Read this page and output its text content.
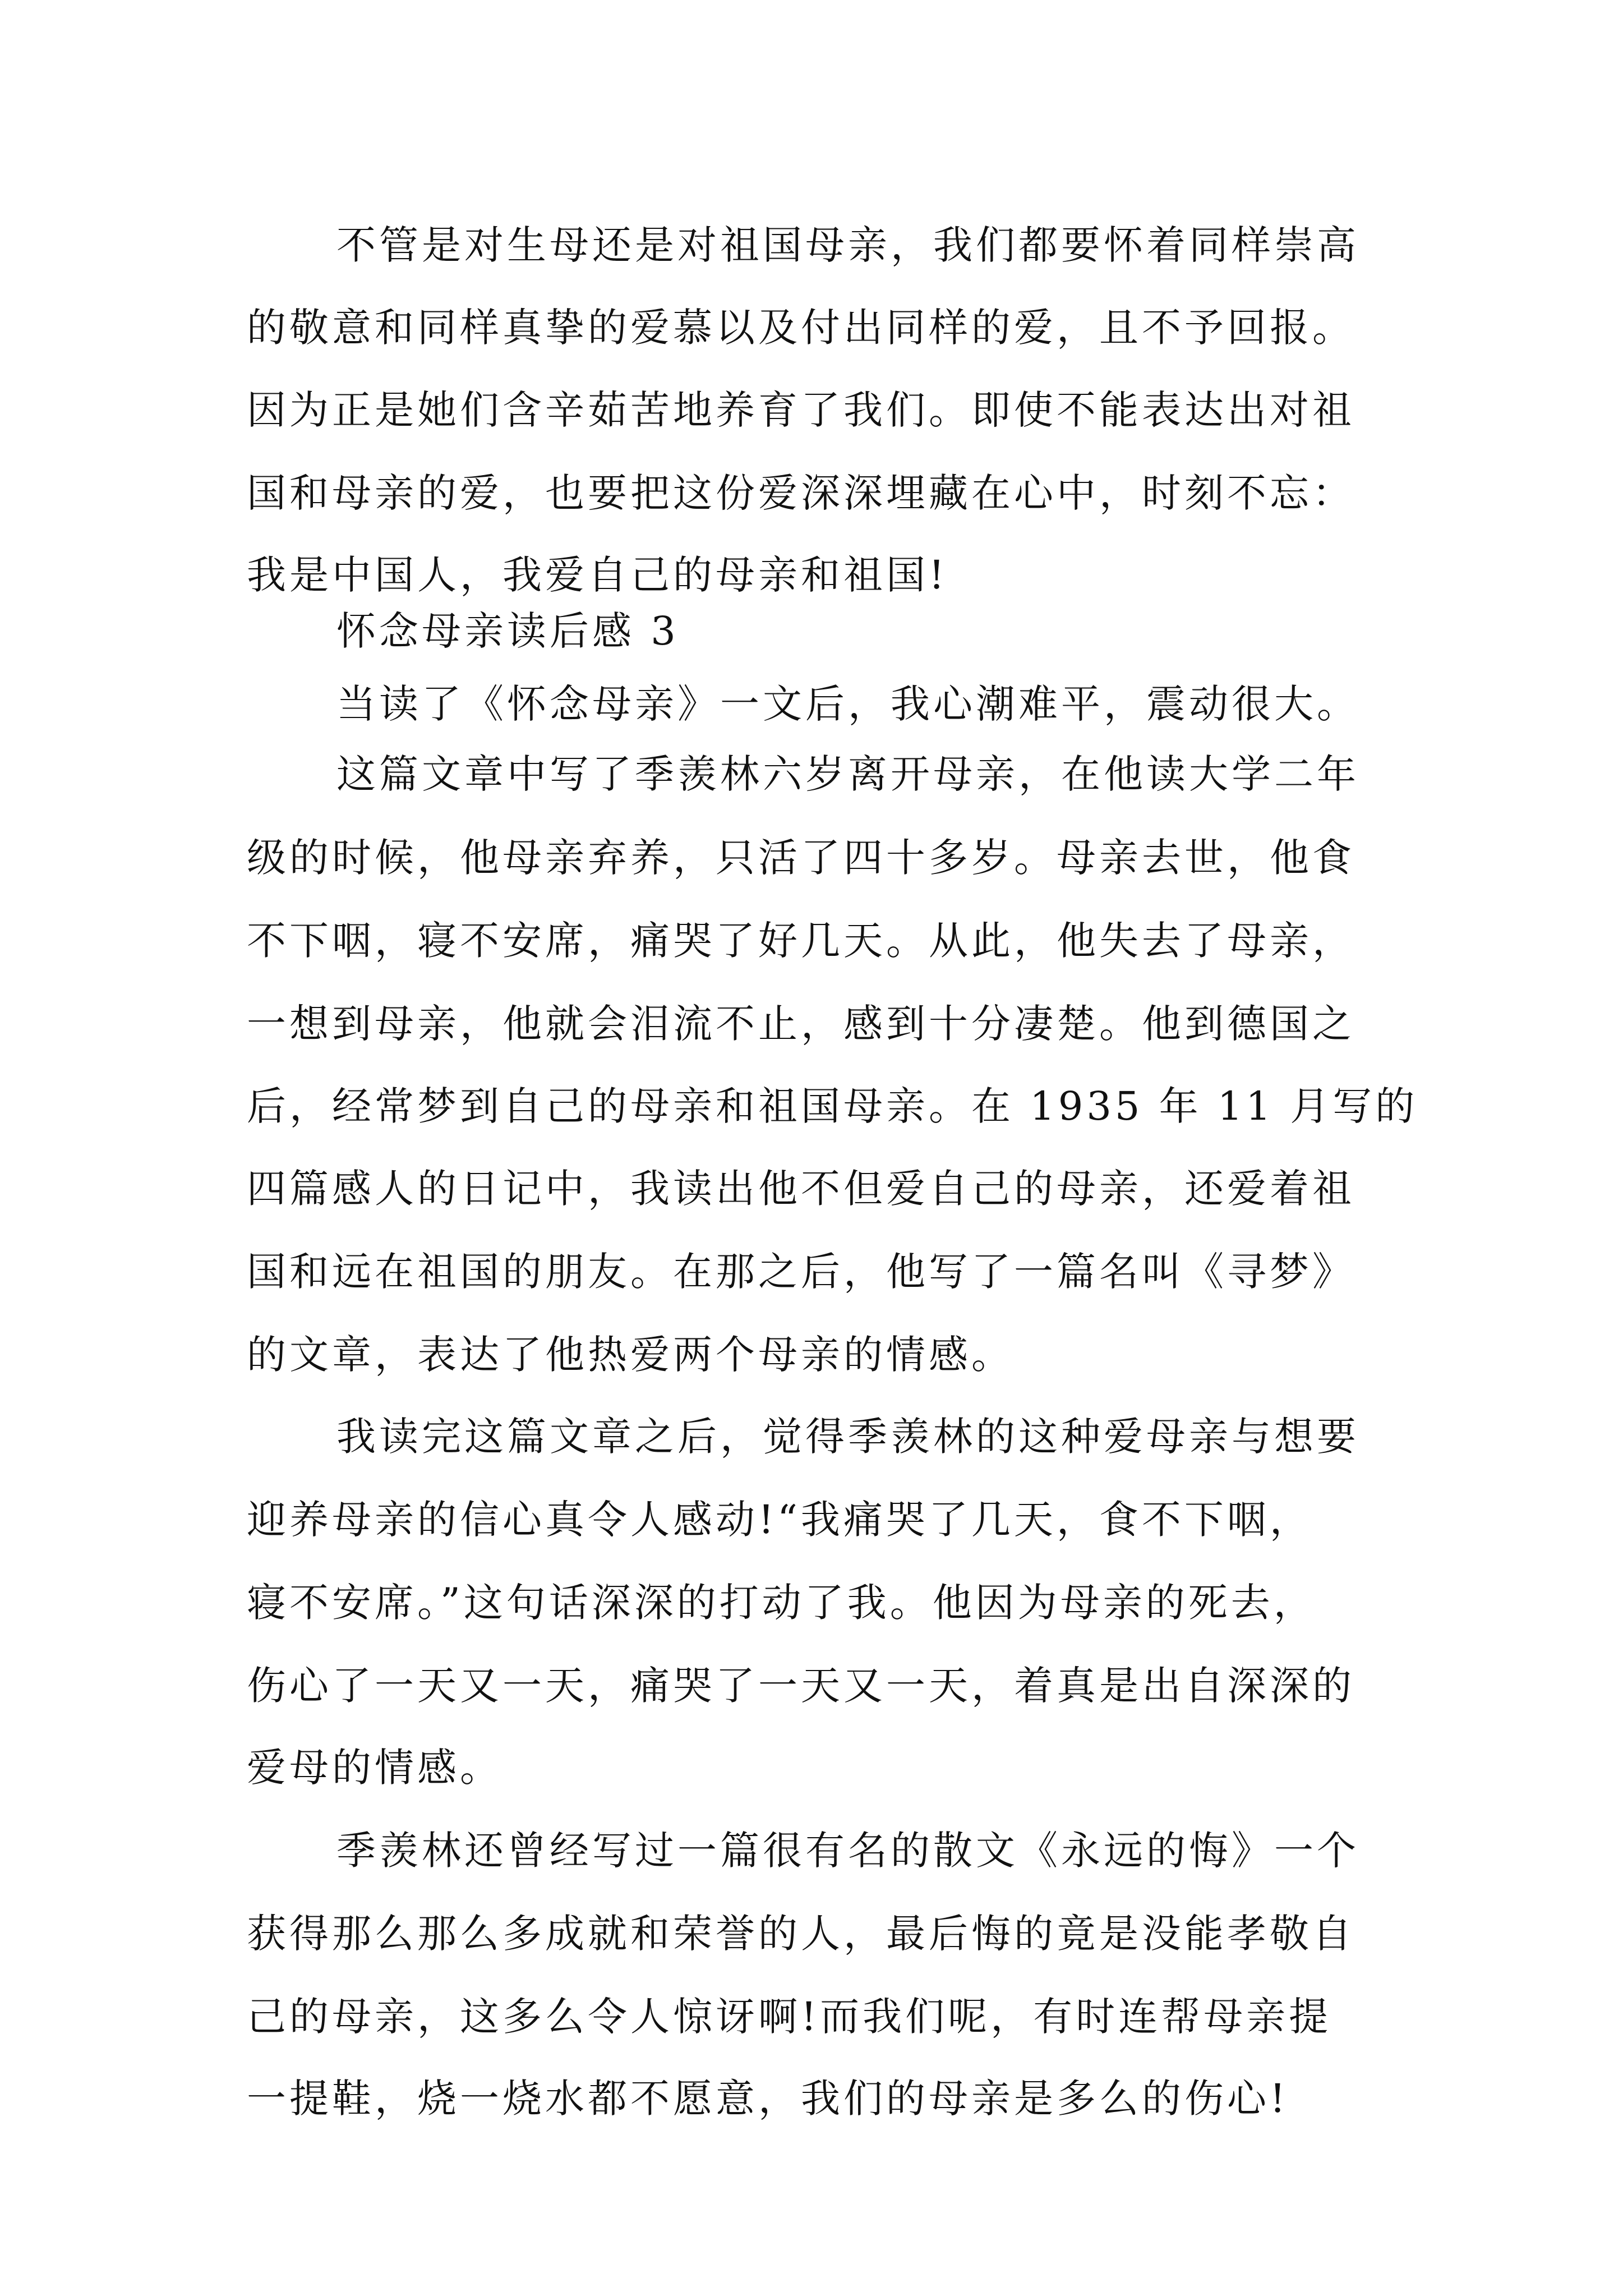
不管是对生母还是对祖国母亲，我们都要怀着同样崇高
的敬意和同样真挚的爱慕以及付出同样的爱，且不予回报。
因为正是她们含辛茹苦地养育了我们。即使不能表达出对祖
国和母亲的爱，也要把这份爱深深埋藏在心中，时刻不忘：
我是中国人，我爱自己的母亲和祖国!
怀念母亲读后感 3
当读了《怀念母亲》一文后，我心潮难平，震动很大。
这篇文章中写了季羡林六岁离开母亲，在他读大学二年
级的时候，他母亲弃养，只活了四十多岁。母亲去世，他食
不下咽，寝不安席，痛哭了好几天。从此，他失去了母亲，
一想到母亲，他就会泪流不止，感到十分凄楚。他到德国之
后，经常梦到自己的母亲和祖国母亲。在 1935 年 11 月写的
四篇感人的日记中，我读出他不但爱自己的母亲，还爱着祖
国和远在祖国的朋友。在那之后，他写了一篇名叫《寻梦》
的文章，表达了他热爱两个母亲的情感。
我读完这篇文章之后，觉得季羡林的这种爱母亲与想要
迎养母亲的信心真令人感动!“我痛哭了几天，食不下咽，
寝不安席。”这句话深深的打动了我。他因为母亲的死去，
伤心了一天又一天，痛哭了一天又一天，着真是出自深深的
爱母的情感。
季羡林还曾经写过一篇很有名的散文《永远的悔》一个
获得那么那么多成就和荣誉的人，最后悔的竟是没能孝敬自
己的母亲，这多么令人惊讶啊!而我们呢，有时连帮母亲提
一提鞋，烧一烧水都不愿意，我们的母亲是多么的伤心!
